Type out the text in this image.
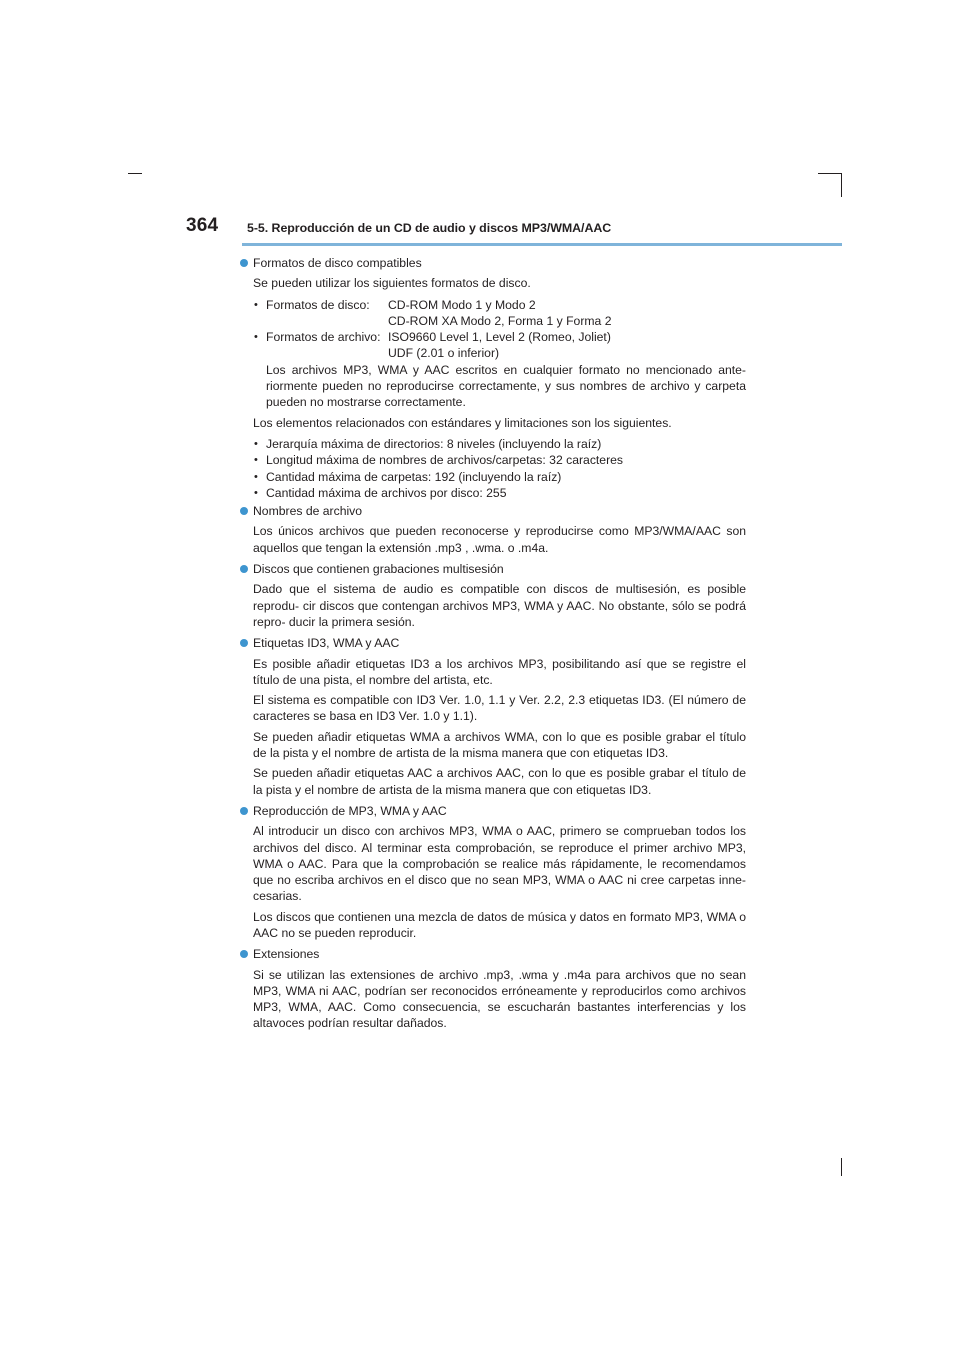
364 5-5. Reproducción de un CD de audio y discos MP3/WMA/AAC
Formatos de disco compatibles
Se pueden utilizar los siguientes formatos de disco.
• Formatos de disco:	CD-ROM Modo 1 y Modo 2
CD-ROM XA Modo 2, Forma 1 y Forma 2
• Formatos de archivo: ISO9660 Level 1, Level 2 (Romeo, Joliet)
UDF (2.01 o inferior)
Los archivos MP3, WMA y AAC escritos en cualquier formato no mencionado ante- riormente pueden no reproducirse correctamente, y sus nombres de archivo y carpeta pueden no mostrarse correctamente.
Los elementos relacionados con estándares y limitaciones son los siguientes.
• Jerarquía máxima de directorios: 8 niveles (incluyendo la raíz)
• Longitud máxima de nombres de archivos/carpetas: 32 caracteres
• Cantidad máxima de carpetas: 192 (incluyendo la raíz)
• Cantidad máxima de archivos por disco: 255
Nombres de archivo
Los únicos archivos que pueden reconocerse y reproducirse como MP3/WMA/AAC son aquellos que tengan la extensión .mp3 , .wma. o .m4a.
Discos que contienen grabaciones multisesión
Dado que el sistema de audio es compatible con discos de multisesión, es posible reprodu- cir discos que contengan archivos MP3, WMA y AAC. No obstante, sólo se podrá repro- ducir la primera sesión.
Etiquetas ID3, WMA y AAC
Es posible añadir etiquetas ID3 a los archivos MP3, posibilitando así que se registre el título de una pista, el nombre del artista, etc.
El sistema es compatible con ID3 Ver. 1.0, 1.1 y Ver. 2.2, 2.3 etiquetas ID3. (El número de caracteres se basa en ID3 Ver. 1.0 y 1.1).
Se pueden añadir etiquetas WMA a archivos WMA, con lo que es posible grabar el título de la pista y el nombre de artista de la misma manera que con etiquetas ID3.
Se pueden añadir etiquetas AAC a archivos AAC, con lo que es posible grabar el título de la pista y el nombre de artista de la misma manera que con etiquetas ID3.
Reproducción de MP3, WMA y AAC
Al introducir un disco con archivos MP3, WMA o AAC, primero se comprueban todos los archivos del disco. Al terminar esta comprobación, se reproduce el primer archivo MP3, WMA o AAC. Para que la comprobación se realice más rápidamente, le recomendamos que no escriba archivos en el disco que no sean MP3, WMA o AAC ni cree carpetas inne- cesarias.
Los discos que contienen una mezcla de datos de música y datos en formato MP3, WMA o AAC no se pueden reproducir.
Extensiones
Si se utilizan las extensiones de archivo .mp3, .wma y .m4a para archivos que no sean MP3, WMA ni AAC, podrían ser reconocidos erróneamente y reproducirlos como archivos MP3, WMA, AAC. Como consecuencia, se escucharán bastantes interferencias y los altavoces podrían resultar dañados.
